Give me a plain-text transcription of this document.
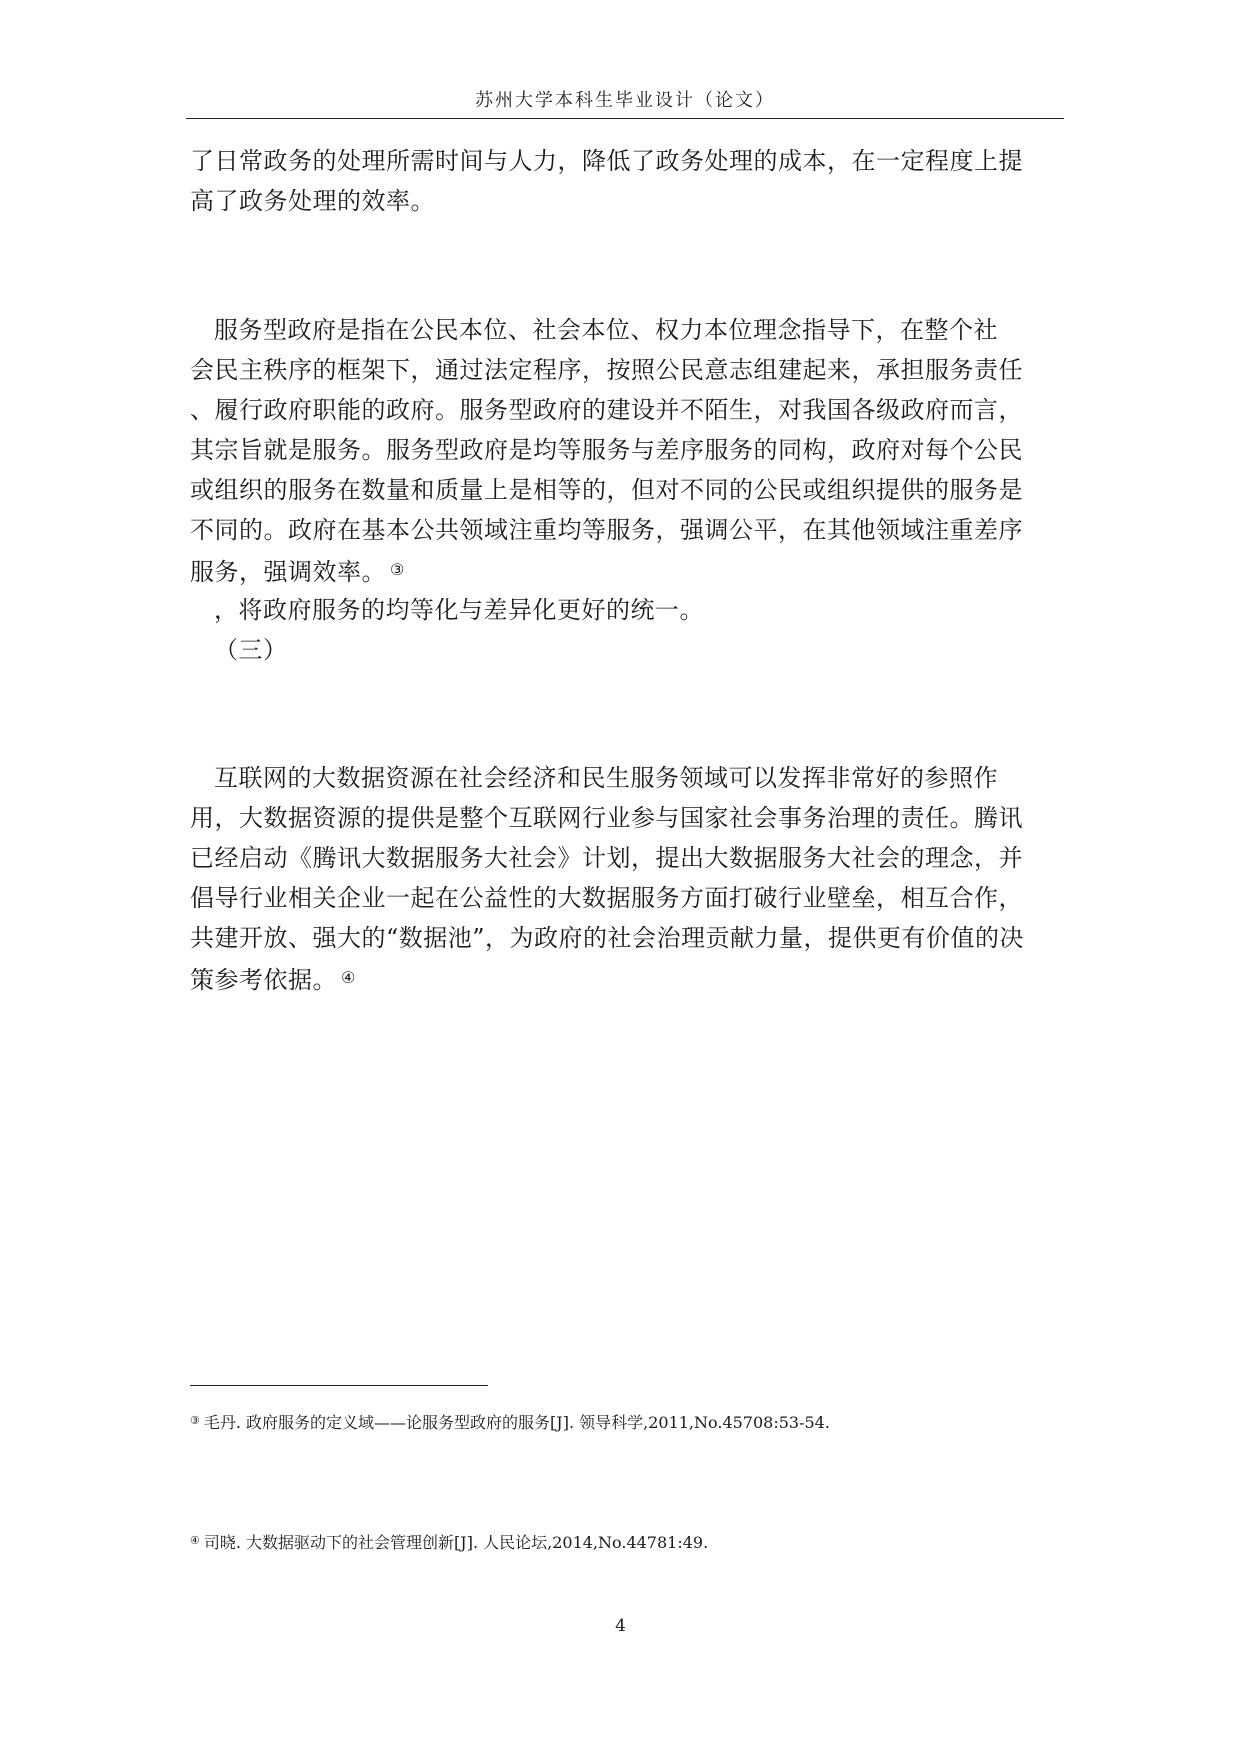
苏州大学本科生毕业设计（论文）
了日常政务的处理所需时间与人力，降低了政务处理的成本，在一定程度上提
高了政务处理的效率。
服务型政府是指在公民本位、社会本位、权力本位理念指导下，在整个社
会民主秩序的框架下，通过法定程序，按照公民意志组建起来，承担服务责任
、履行政府职能的政府。服务型政府的建设并不陌生，对我国各级政府而言，
其宗旨就是服务。服务型政府是均等服务与差序服务的同构，政府对每个公民
或组织的服务在数量和质量上是相等的，但对不同的公民或组织提供的服务是
不同的。政府在基本公共领域注重均等服务，强调公平，在其他领域注重差序
服务，强调效率。 ③
，将政府服务的均等化与差异化更好的统一。
（三）
互联网的大数据资源在社会经济和民生服务领域可以发挥非常好的参照作
用，大数据资源的提供是整个互联网行业参与国家社会事务治理的责任。腾讯
已经启动《腾讯大数据服务大社会》计划，提出大数据服务大社会的理念，并
倡导行业相关企业一起在公益性的大数据服务方面打破行业壁垒，相互合作，
共建开放、强大的“数据池”，为政府的社会治理贡献力量，提供更有价值的决
策参考依据。 ④
③ 毛丹. 政府服务的定义域——论服务型政府的服务[J]. 领导科学,2011,No.45708:53-54.
④ 司晓. 大数据驱动下的社会管理创新[J]. 人民论坛,2014,No.44781:49.
4
